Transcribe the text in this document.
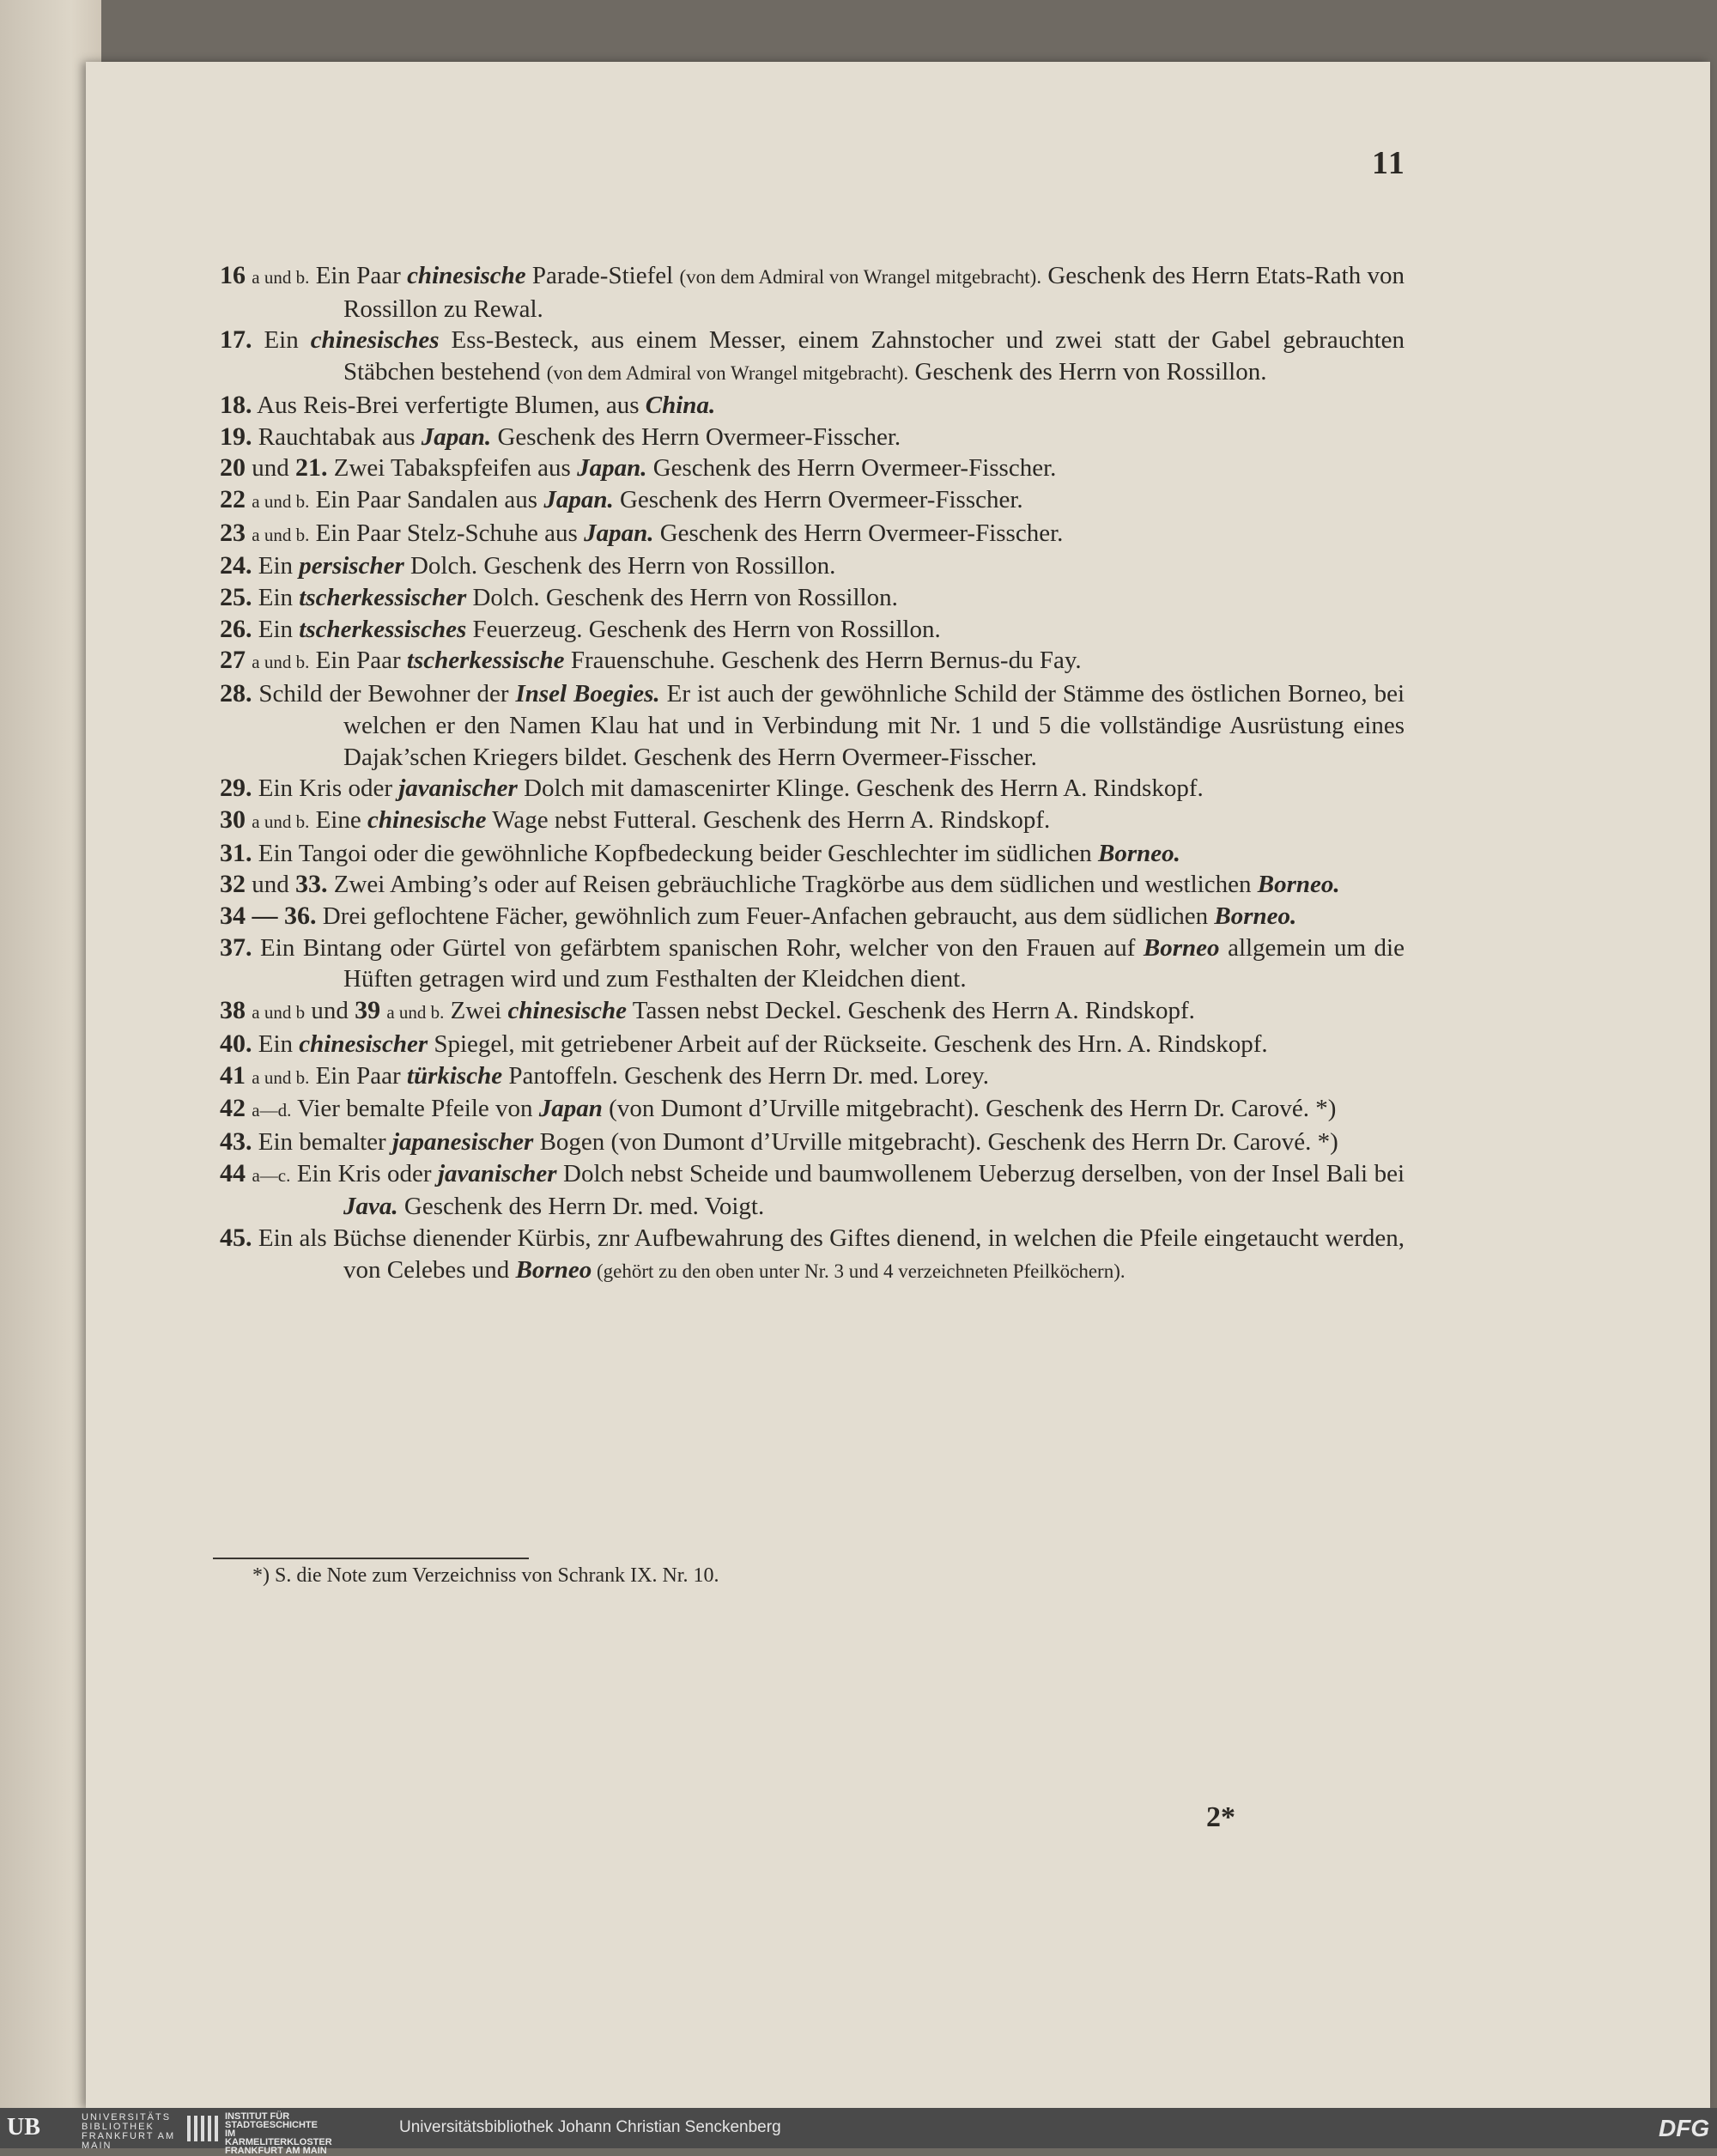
11
16 a und b. Ein Paar chinesische Parade-Stiefel (von dem Admiral von Wrangel mitgebracht). Geschenk des Herrn Etats-Rath von Rossillon zu Rewal.
17. Ein chinesisches Ess-Besteck, aus einem Messer, einem Zahnstocher und zwei statt der Gabel gebrauchten Stäbchen bestehend (von dem Admiral von Wrangel mitgebracht). Geschenk des Herrn von Rossillon.
18. Aus Reis-Brei verfertigte Blumen, aus China.
19. Rauchtabak aus Japan. Geschenk des Herrn Overmeer-Fisscher.
20 und 21. Zwei Tabakspfeifen aus Japan. Geschenk des Herrn Overmeer-Fisscher.
22 a und b. Ein Paar Sandalen aus Japan. Geschenk des Herrn Overmeer-Fisscher.
23 a und b. Ein Paar Stelz-Schuhe aus Japan. Geschenk des Herrn Overmeer-Fisscher.
24. Ein persischer Dolch. Geschenk des Herrn von Rossillon.
25. Ein tscherkessischer Dolch. Geschenk des Herrn von Rossillon.
26. Ein tscherkessisches Feuerzeug. Geschenk des Herrn von Rossillon.
27 a und b. Ein Paar tscherkessische Frauenschuhe. Geschenk des Herrn Bernus-du Fay.
28. Schild der Bewohner der Insel Boegies. Er ist auch der gewöhnliche Schild der Stämme des östlichen Borneo, bei welchen er den Namen Klau hat und in Verbindung mit Nr. 1 und 5 die vollständige Ausrüstung eines Dajak’schen Kriegers bildet. Geschenk des Herrn Overmeer-Fisscher.
29. Ein Kris oder javanischer Dolch mit damascenirter Klinge. Geschenk des Herrn A. Rindskopf.
30 a und b. Eine chinesische Wage nebst Futteral. Geschenk des Herrn A. Rindskopf.
31. Ein Tangoi oder die gewöhnliche Kopfbedeckung beider Geschlechter im südlichen Borneo.
32 und 33. Zwei Ambing’s oder auf Reisen gebräuchliche Tragkörbe aus dem südlichen und westlichen Borneo.
34 — 36. Drei geflochtene Fächer, gewöhnlich zum Feuer-Anfachen gebraucht, aus dem südlichen Borneo.
37. Ein Bintang oder Gürtel von gefärbtem spanischen Rohr, welcher von den Frauen auf Borneo allgemein um die Hüften getragen wird und zum Festhalten der Kleidchen dient.
38 a und b und 39 a und b. Zwei chinesische Tassen nebst Deckel. Geschenk des Herrn A. Rindskopf.
40. Ein chinesischer Spiegel, mit getriebener Arbeit auf der Rückseite. Geschenk des Hrn. A. Rindskopf.
41 a und b. Ein Paar türkische Pantoffeln. Geschenk des Herrn Dr. med. Lorey.
42 a—d. Vier bemalte Pfeile von Japan (von Dumont d’Urville mitgebracht). Geschenk des Herrn Dr. Carové. *)
43. Ein bemalter japanesischer Bogen (von Dumont d’Urville mitgebracht). Geschenk des Herrn Dr. Carové. *)
44 a—c. Ein Kris oder javanischer Dolch nebst Scheide und baumwollenem Ueberzug derselben, von der Insel Bali bei Java. Geschenk des Herrn Dr. med. Voigt.
45. Ein als Büchse dienender Kürbis, znr Aufbewahrung des Giftes dienend, in welchen die Pfeile eingetaucht werden, von Celebes und Borneo (gehört zu den oben unter Nr. 3 und 4 verzeichneten Pfeilköchern).
*) S. die Note zum Verzeichniss von Schrank IX. Nr. 10.
2*
UB	UNIVERSITÄTS BIBLIOTHEK FRANKFURT AM MAIN
INSTITUT FÜR STADTGESCHICHTE IM KARMELITERKLOSTER FRANKFURT AM MAIN
Universitätsbibliothek Johann Christian Senckenberg	DFG
